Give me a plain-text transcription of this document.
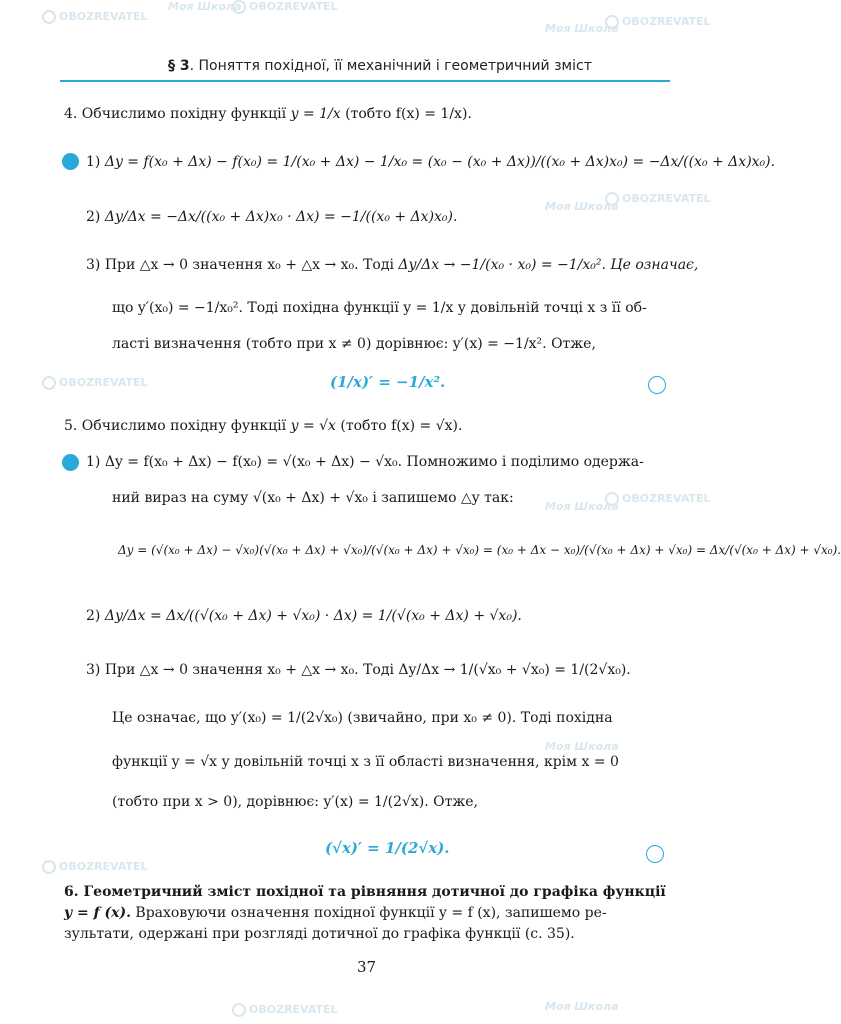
Моя Школа
OBOZREVATEL
OBOZREVATEL
Моя Школа
OBOZREVATEL
Моя Школа
OBOZREVATEL
OBOZREVATEL
Моя Школа
OBOZREVATEL
Моя Школа
OBOZREVATEL
OBOZREVATEL	Моя Школа
§ 3. Поняття похідної, її механічний і геометричний зміст
4. Обчислимо похідну функції y = 1/x (тобто f(x) = 1/x).
1) Δy = f(x₀ + Δx) − f(x₀) = 1/(x₀ + Δx) − 1/x₀ = (x₀ − (x₀ + Δx))/((x₀ + Δx)x₀) = −Δx/((x₀ + Δx)x₀).
2) Δy/Δx = −Δx/((x₀ + Δx)x₀ · Δx) = −1/((x₀ + Δx)x₀).
3) При △x → 0 значення x₀ + △x → x₀. Тоді Δy/Δx → −1/(x₀ · x₀) = −1/x₀². Це означає,
що y′(x₀) = −1/x₀². Тоді похідна функції y = 1/x у довільній точці x з її об-
ласті визначення (тобто при x ≠ 0) дорівнює: y′(x) = −1/x². Отже,
(1/x)′ = −1/x².
5. Обчислимо похідну функції y = √x (тобто f(x) = √x).
1) Δy = f(x₀ + Δx) − f(x₀) = √(x₀ + Δx) − √x₀. Помножимо і поділимо одержа-
ний вираз на суму √(x₀ + Δx) + √x₀ і запишемо △y так:
Δy = (√(x₀ + Δx) − √x₀)(√(x₀ + Δx) + √x₀)/(√(x₀ + Δx) + √x₀) = (x₀ + Δx − x₀)/(√(x₀ + Δx) + √x₀) = Δx/(√(x₀ + Δx) + √x₀).
2) Δy/Δx = Δx/((√(x₀ + Δx) + √x₀) · Δx) = 1/(√(x₀ + Δx) + √x₀).
3) При △x → 0 значення x₀ + △x → x₀. Тоді Δy/Δx → 1/(√x₀ + √x₀) = 1/(2√x₀).
Це означає, що y′(x₀) = 1/(2√x₀) (звичайно, при x₀ ≠ 0). Тоді похідна
функції y = √x у довільній точці x з її області визначення, крім x = 0
(тобто при x > 0), дорівнює: y′(x) = 1/(2√x). Отже,
(√x)′ = 1/(2√x).
6. Геометричний зміст похідної та рівняння дотичної до графіка функції
y = f (x). Враховуючи означення похідної функції y = f (x), запишемо ре-
зультати, одержані при розгляді дотичної до графіка функції (с. 35).
37
